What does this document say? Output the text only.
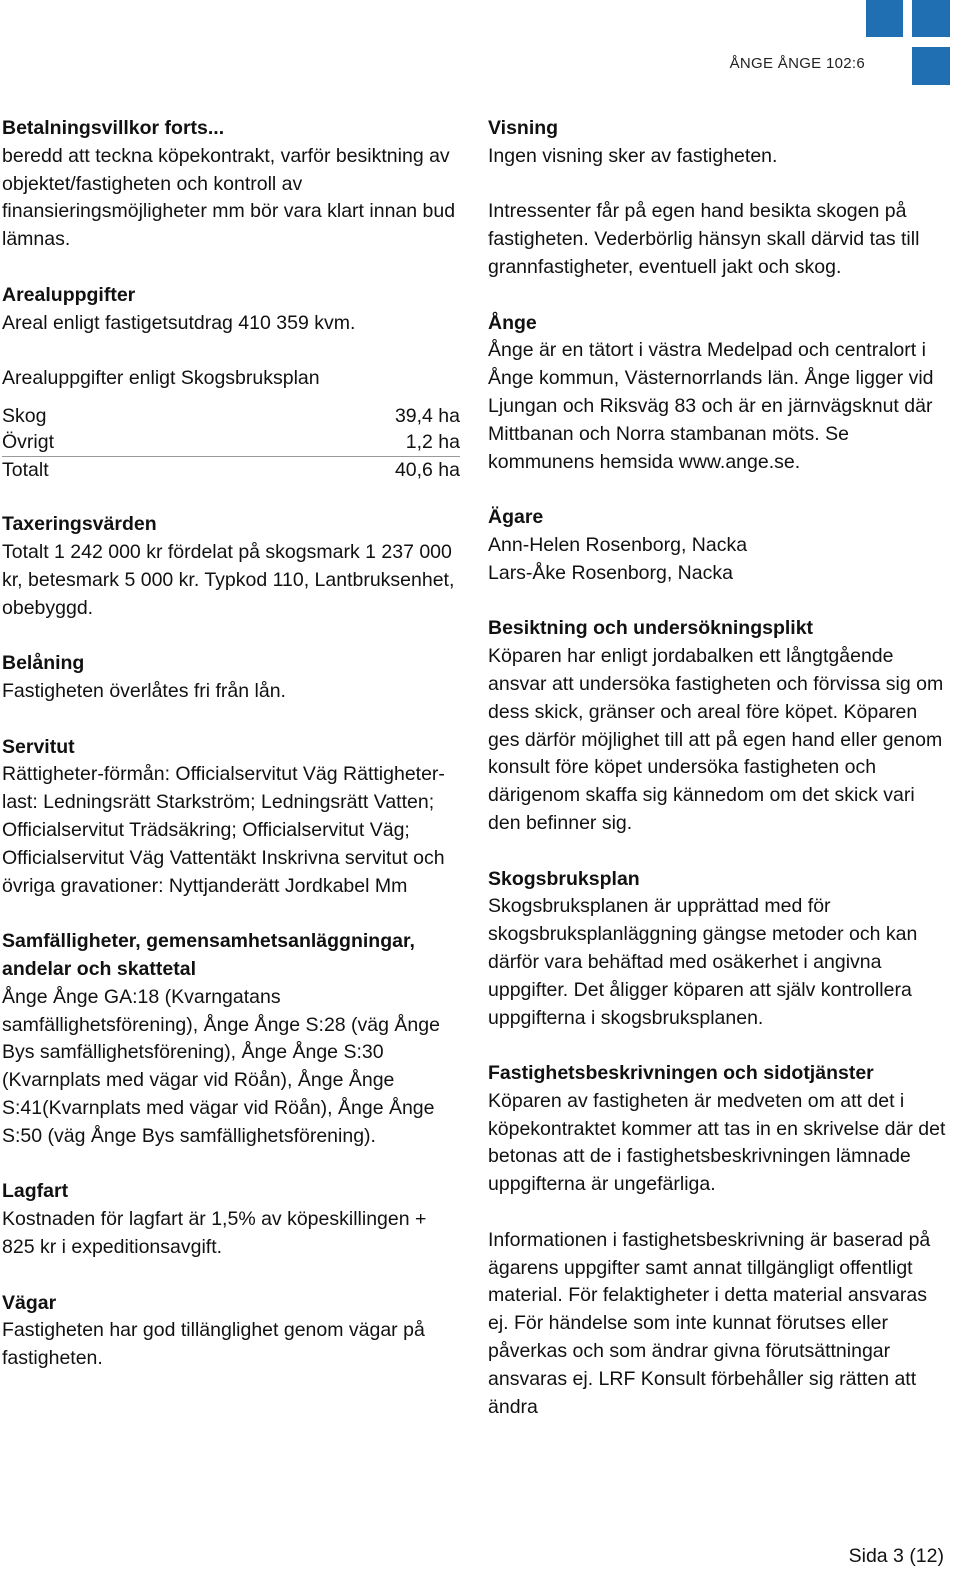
ÅNGE ÅNGE 102:6
Betalningsvillkor forts...

beredd att teckna köpekontrakt, varför besiktning av objektet/fastigheten och kontroll av finansieringsmöjligheter mm bör vara klart innan bud lämnas.

Arealuppgifter

Areal enligt fastigetsutdrag 410 359 kvm.

Arealuppgifter enligt Skogsbruksplan
Skog	39,4 ha
Övrigt	1,2 ha
Totalt	40,6 ha
Taxeringsvärden

Totalt 1 242 000 kr fördelat på skogsmark 1 237 000 kr, betesmark 5 000 kr. Typkod 110, Lantbruksenhet, obebyggd.

Belåning

Fastigheten överlåtes fri från lån.

Servitut

Rättigheter-förmån: Officialservitut Väg Rättigheter-last: Ledningsrätt Starkström; Ledningsrätt Vatten; Officialservitut Trädsäkring; Officialservitut Väg; Officialservitut Väg Vattentäkt Inskrivna servitut och övriga gravationer: Nyttjanderätt Jordkabel Mm

Samfälligheter, gemensamhetsanläggningar, andelar och skattetal

Ånge Ånge GA:18 (Kvarngatans samfällighetsförening), Ånge Ånge S:28 (väg Ånge Bys samfällighetsförening), Ånge Ånge S:30 (Kvarnplats med vägar vid Röån), Ånge Ånge S:41(Kvarnplats med vägar vid Röån), Ånge Ånge S:50 (väg Ånge Bys samfällighetsförening).

Lagfart

Kostnaden för lagfart är 1,5% av köpeskillingen + 825 kr i expeditionsavgift.

Vägar

Fastigheten har god tillänglighet genom vägar på fastigheten.

Visning

Ingen visning sker av fastigheten.

Intressenter får på egen hand besikta skogen på fastigheten. Vederbörlig hänsyn skall därvid tas till grannfastigheter, eventuell jakt och skog.

Ånge

Ånge är en tätort i västra Medelpad och centralort i Ånge kommun, Västernorrlands län. Ånge ligger vid Ljungan och Riksväg 83 och är en järnvägsknut där Mittbanan och Norra stambanan möts. Se kommunens hemsida www.ange.se.

Ägare
Ann-Helen Rosenborg, Nacka
Lars-Åke Rosenborg, Nacka
Besiktning och undersökningsplikt

Köparen har enligt jordabalken ett långtgående ansvar att undersöka fastigheten och förvissa sig om dess skick, gränser och areal före köpet. Köparen ges därför möjlighet till att på egen hand eller genom konsult före köpet undersöka fastigheten och därigenom skaffa sig kännedom om det skick vari den befinner sig.

Skogsbruksplan

Skogsbruksplanen är upprättad med för skogsbruksplanläggning gängse metoder och kan därför vara behäftad med osäkerhet i angivna uppgifter. Det åligger köparen att själv kontrollera uppgifterna i skogsbruksplanen.

Fastighetsbeskrivningen och sidotjänster

Köparen av fastigheten är medveten om att det i köpekontraktet kommer att tas in en skrivelse där det betonas att de i fastighetsbeskrivningen lämnade uppgifterna är ungefärliga.

Informationen i fastighetsbeskrivning är baserad på ägarens uppgifter samt annat tillgängligt offentligt material. För felaktigheter i detta material ansvaras ej. För händelse som inte kunnat förutses eller påverkas och som ändrar givna förutsättningar ansvaras ej. LRF Konsult förbehåller sig rätten att ändra

Sida 3 (12)
